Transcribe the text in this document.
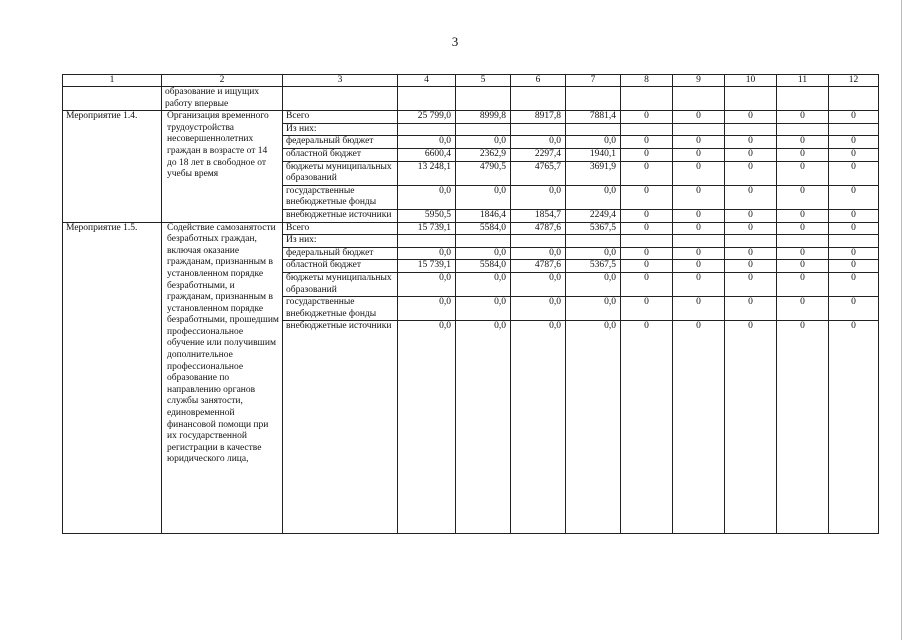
3
1	2	3	4	5	6	7	8	9	10	11	12
	образование и ищущих работу впервые										
Мероприятие 1.4.	Организация временного трудоустройства несовершеннолетних граждан в возрасте от 14 до 18 лет в свободное от учебы время	Всего	25 799,0	8999,8	8917,8	7881,4	0	0	0	0	0
		Из них:									
		федеральный бюджет	0,0	0,0	0,0	0,0	0	0	0	0	0
		областной бюджет	6600,4	2362,9	2297,4	1940,1	0	0	0	0	0
		бюджеты муниципальных образований	13 248,1	4790,5	4765,7	3691,9	0	0	0	0	0
		государственные внебюджетные фонды	0,0	0,0	0,0	0,0	0	0	0	0	0
		внебюджетные источники	5950,5	1846,4	1854,7	2249,4	0	0	0	0	0
Мероприятие 1.5.	Содействие самозанятости безработных граждан, включая оказание гражданам, признанным в установленном порядке безработными, и гражданам, признанным в установленном порядке безработными, прошедшим профессиональное обучение или получившим дополнительное профессиональное образование по направлению органов службы занятости, единовременной финансовой помощи при их государственной регистрации в качестве юридического лица,	Всего	15 739,1	5584,0	4787,6	5367,5	0	0	0	0	0
		Из них:									
		федеральный бюджет	0,0	0,0	0,0	0,0	0	0	0	0	0
		областной бюджет	15 739,1	5584,0	4787,6	5367,5	0	0	0	0	0
		бюджеты муниципальных образований	0,0	0,0	0,0	0,0	0	0	0	0	0
		государственные внебюджетные фонды	0,0	0,0	0,0	0,0	0	0	0	0	0
		внебюджетные источники	0,0	0,0	0,0	0,0	0	0	0	0	0
